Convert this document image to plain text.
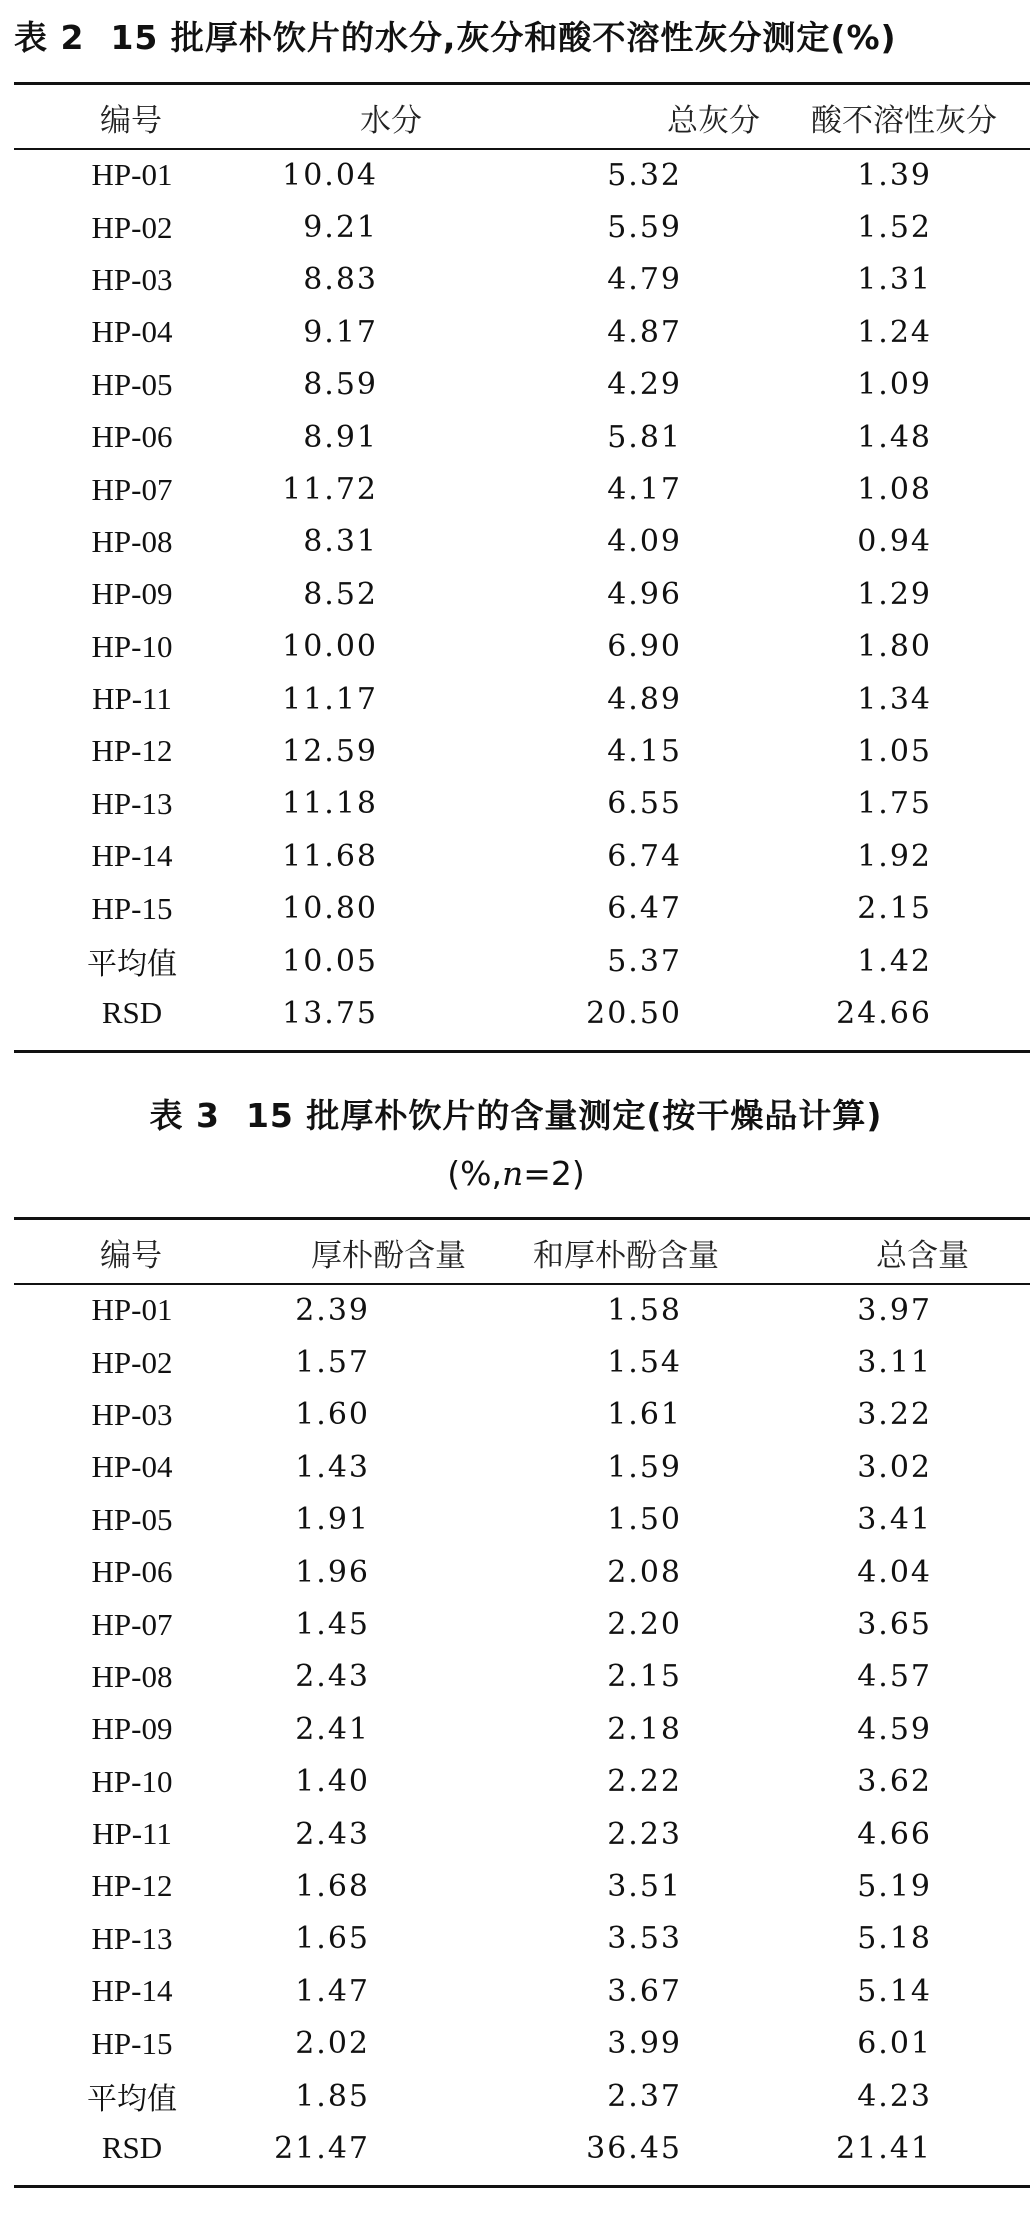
表 2 15 批厚朴饮片的水分,灰分和酸不溶性灰分测定(%)
编号	水分	总灰分	酸不溶性灰分
HP-01	10.04	5.32	1.39
HP-02	9.21	5.59	1.52
HP-03	8.83	4.79	1.31
HP-04	9.17	4.87	1.24
HP-05	8.59	4.29	1.09
HP-06	8.91	5.81	1.48
HP-07	11.72	4.17	1.08
HP-08	8.31	4.09	0.94
HP-09	8.52	4.96	1.29
HP-10	10.00	6.90	1.80
HP-11	11.17	4.89	1.34
HP-12	12.59	4.15	1.05
HP-13	11.18	6.55	1.75
HP-14	11.68	6.74	1.92
HP-15	10.80	6.47	2.15
平均值	10.05	5.37	1.42
RSD	13.75	20.50	24.66
表 3 15 批厚朴饮片的含量测定(按干燥品计算)
(%,n=2)
编号	厚朴酚含量	和厚朴酚含量	总含量
HP-01	2.39	1.58	3.97
HP-02	1.57	1.54	3.11
HP-03	1.60	1.61	3.22
HP-04	1.43	1.59	3.02
HP-05	1.91	1.50	3.41
HP-06	1.96	2.08	4.04
HP-07	1.45	2.20	3.65
HP-08	2.43	2.15	4.57
HP-09	2.41	2.18	4.59
HP-10	1.40	2.22	3.62
HP-11	2.43	2.23	4.66
HP-12	1.68	3.51	5.19
HP-13	1.65	3.53	5.18
HP-14	1.47	3.67	5.14
HP-15	2.02	3.99	6.01
平均值	1.85	2.37	4.23
RSD	21.47	36.45	21.41
